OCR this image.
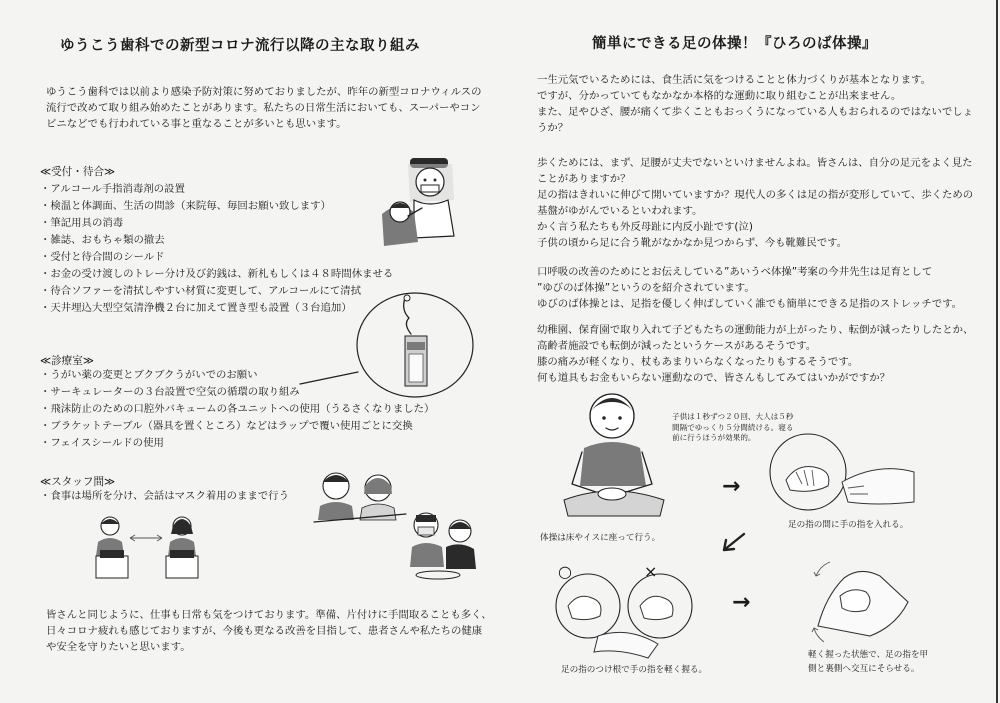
ゆうこう歯科での新型コロナ流行以降の主な取り組み
ゆうこう歯科では以前より感染予防対策に努めておりましたが、昨年の新型コロナウィルスの
流行で改めて取り組み始めたことがあります。私たちの日常生活においても、スーパーやコン
ビニなどでも行われている事と重なることが多いとも思います。
≪受付・待合≫
・アルコール手指消毒剤の設置
・検温と体調面、生活の問診（来院毎、毎回お願い致します）
・筆記用具の消毒
・雑誌、おもちゃ類の撤去
・受付と待合間のシールド
・お金の受け渡しのトレー分け及び釣銭は、新札もしくは４８時間休ませる
・待合ソファーを清拭しやすい材質に変更して、アルコールにて清拭
・天井埋込大型空気清浄機２台に加えて置き型も設置（３台追加）
≪診療室≫
・うがい薬の変更とブクブクうがいでのお願い
・サーキュレーターの３台設置で空気の循環の取り組み
・飛沫防止のための口腔外バキュームの各ユニットへの使用（うるさくなりました）
・ブラケットテーブル（器具を置くところ）などはラップで覆い使用ごとに交換
・フェイスシールドの使用
≪スタッフ間≫
・食事は場所を分け、会話はマスク着用のままで行う
皆さんと同じように、仕事も日常も気をつけております。準備、片付けに手間取ることも多く、
日々コロナ疲れも感じておりますが、今後も更なる改善を目指して、患者さんや私たちの健康
や安全を守りたいと思います。
簡単にできる足の体操！『ひろのば体操』
一生元気でいるためには、食生活に気をつけることと体力づくりが基本となります。
ですが、分かっていてもなかなか本格的な運動に取り組むことが出来ません。
また、足やひざ、腰が痛くて歩くこともおっくうになっている人もおられるのではないでしょ
うか？
歩くためには、まず、足腰が丈夫でないといけませんよね。皆さんは、自分の足元をよく見た
ことがありますか？
足の指はきれいに伸びて開いていますか？現代人の多くは足の指が変形していて、歩くための
基盤がゆがんでいるといわれます。
かく言う私たちも外反母趾に内反小趾です(泣)
子供の頃から足に合う靴がなかなか見つからず、今も靴難民です。
口呼吸の改善のためにとお伝えしている”あいうべ体操”考案の今井先生は足育として
”ゆびのば体操”というのを紹介されています。
ゆびのば体操とは、足指を優しく伸ばしていく誰でも簡単にできる足指のストレッチです。
幼稚園、保育園で取り入れて子どもたちの運動能力が上がったり、転倒が減ったりしたとか、
高齢者施設でも転倒が減ったというケースがあるそうです。
膝の痛みが軽くなり、杖もあまりいらなくなったりもするそうです。
何も道具もお金もいらない運動なので、皆さんもしてみてはいかがですか？
子供は１秒ずつ２０回、大人は５秒
間隔でゆっくり５分間続ける。寝る
前に行うほうが効果的。
体操は床やイスに座って行う。
→
→
足の指の間に手の指を入れる。
○	×
足の指のつけ根で手の指を軽く握る。
軽く握った状態で、足の指を甲
側と裏側へ交互にそらせる。
